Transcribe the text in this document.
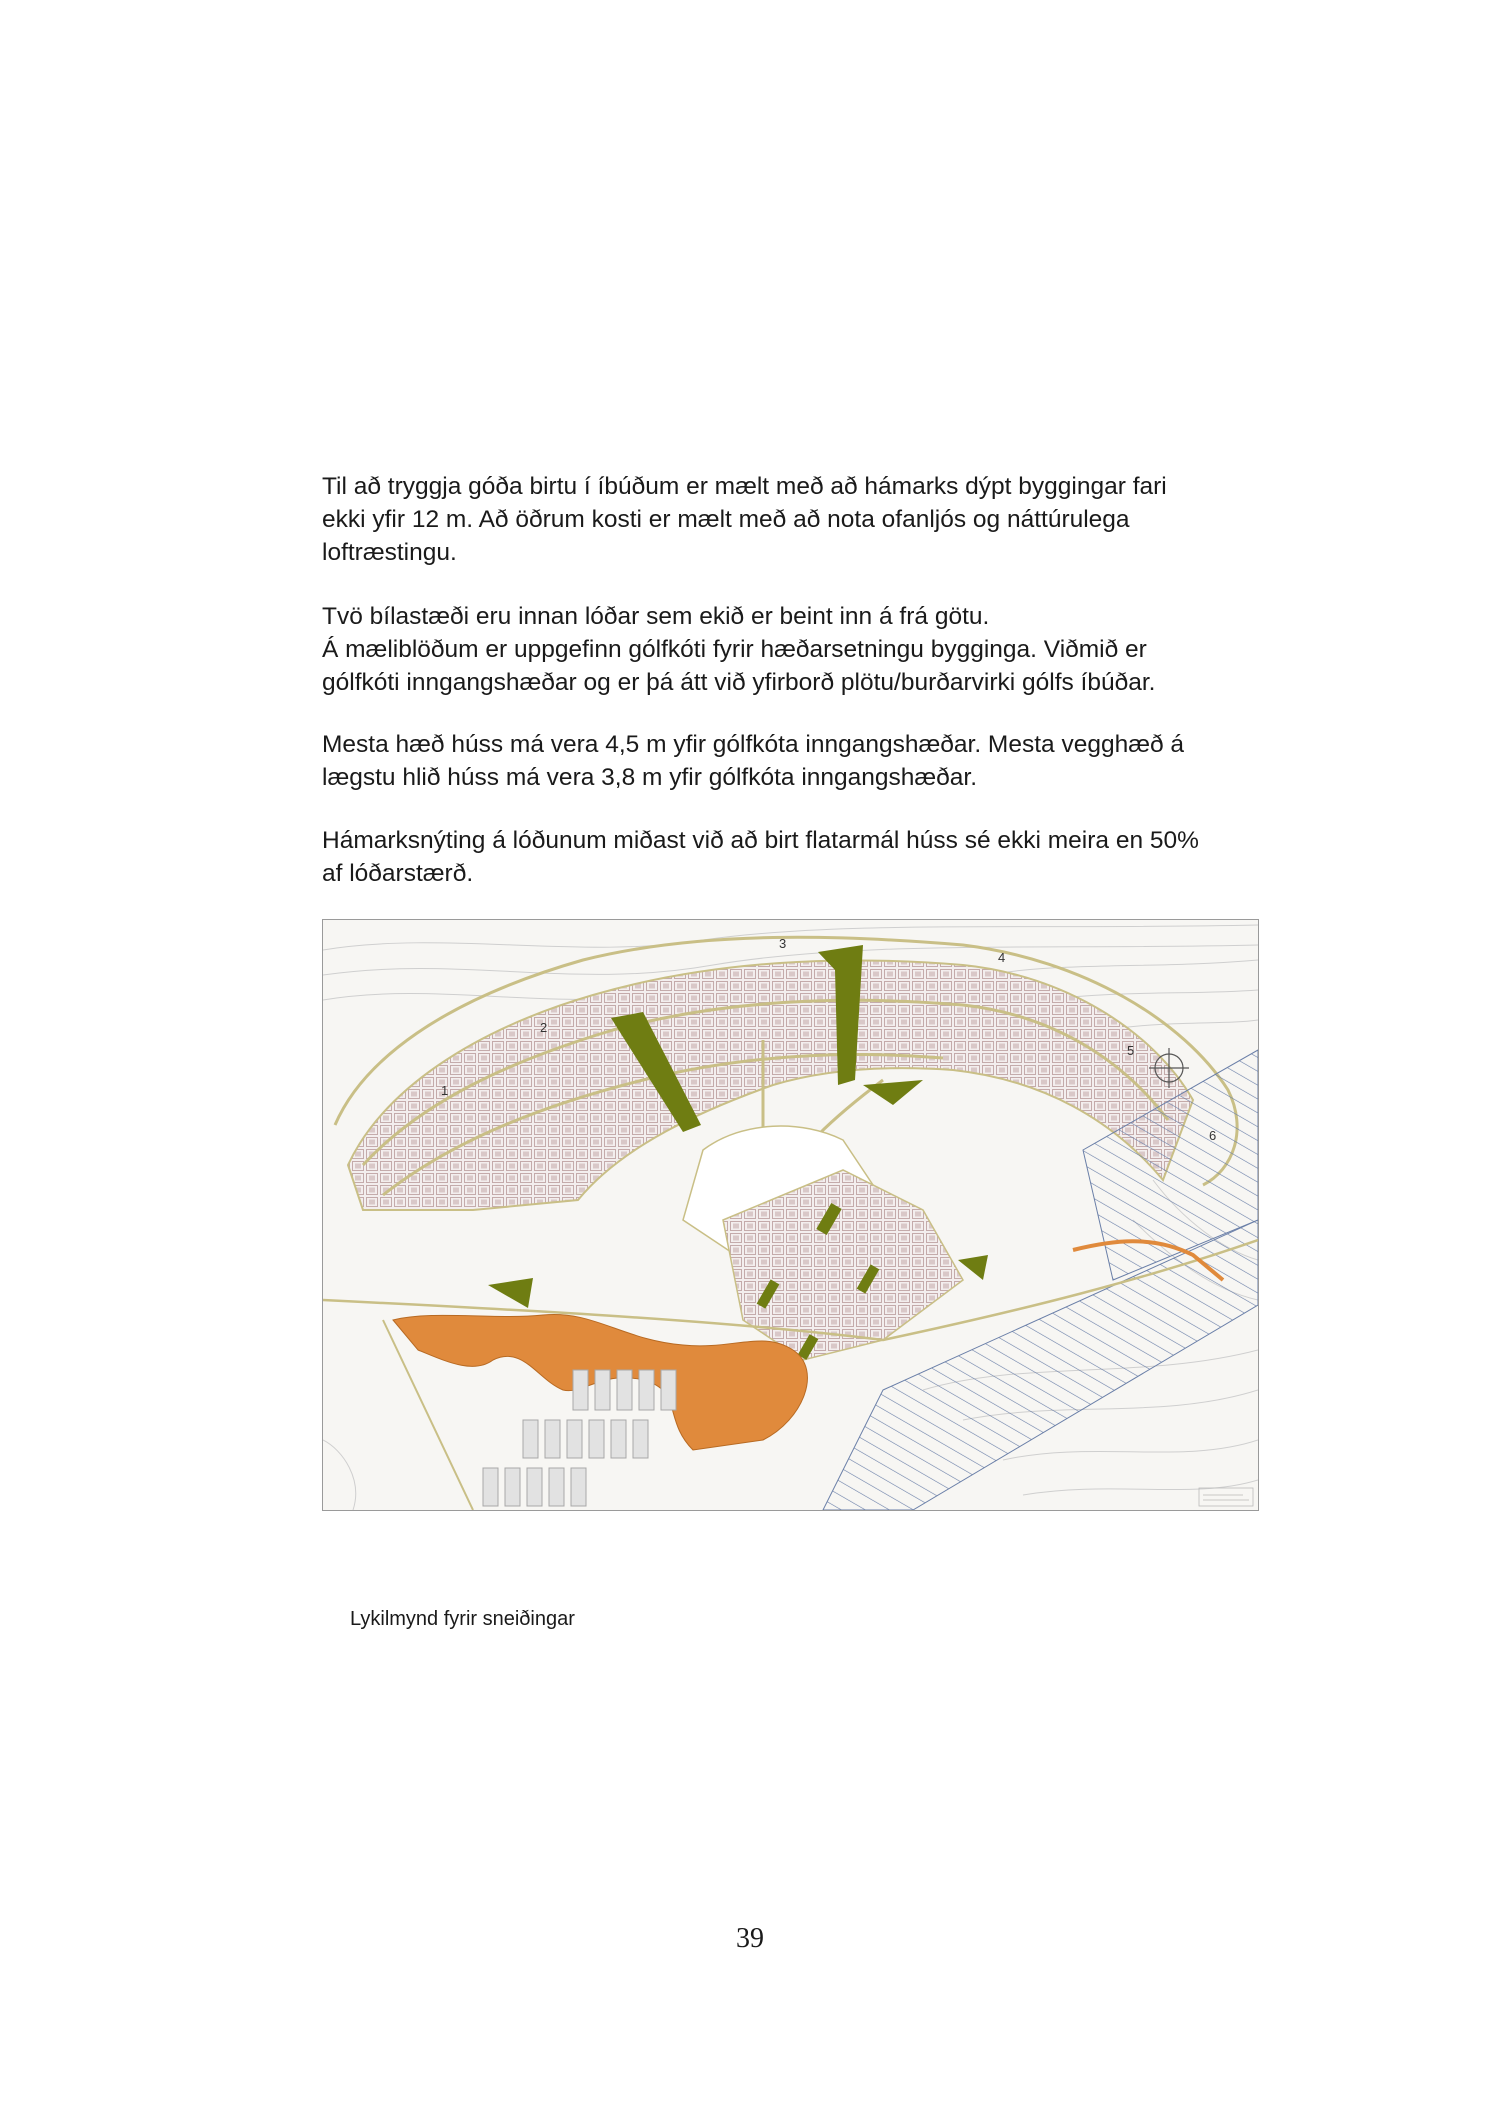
Til að tryggja góða birtu í íbúðum er mælt með að hámarks dýpt byggingar fari
ekki yfir 12 m. Að öðrum kosti er mælt með að nota ofanljós og náttúrulega
loftræstingu.

Tvö bílastæði eru innan lóðar sem ekið er beint inn á frá götu.
Á mæliblöðum er uppgefinn gólfkóti fyrir hæðarsetningu bygginga. Viðmið er
gólfkóti inngangshæðar og er þá átt við yfirborð plötu/burðarvirki gólfs íbúðar.

Mesta hæð húss má vera 4,5 m yfir gólfkóta inngangshæðar. Mesta vegghæð á
lægstu hlið húss má vera 3,8 m yfir gólfkóta inngangshæðar.

Hámarksnýting á lóðunum miðast við að birt flatarmál húss sé ekki meira en 50%
af lóðarstærð.

1
2
3
4
5
6
Lykilmynd fyrir sneiðingar
39
